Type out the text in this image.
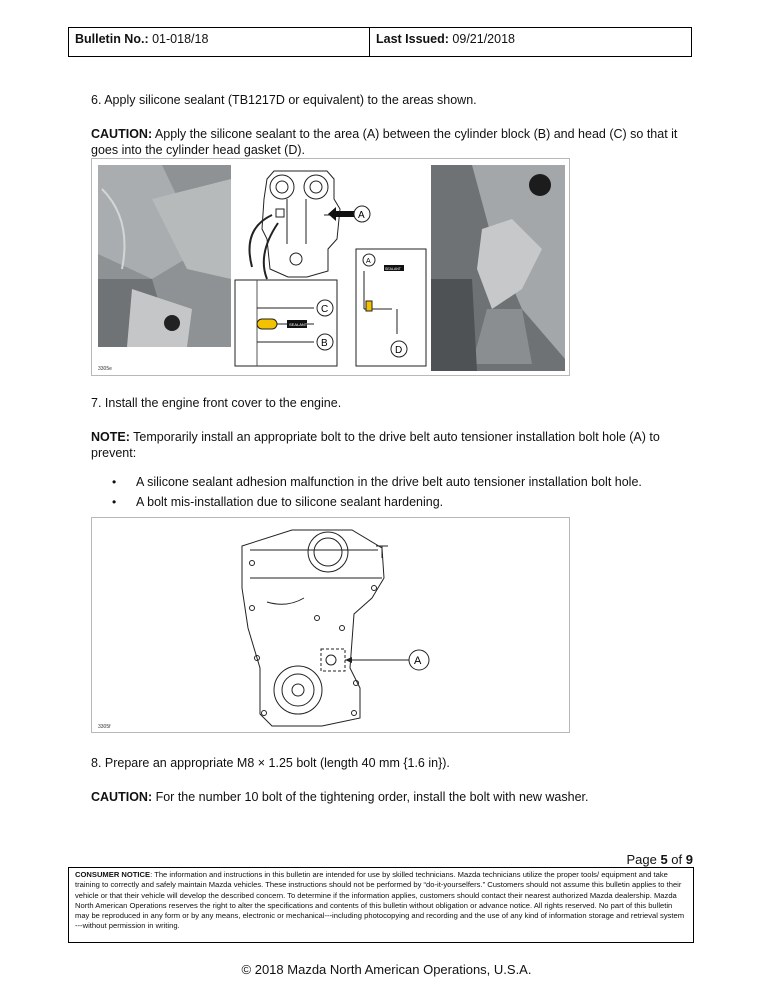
Bulletin No.: 01-018/18	Last Issued: 09/21/2018
6. Apply silicone sealant (TB1217D or equivalent) to the areas shown.
CAUTION: Apply the silicone sealant to the area (A) between the cylinder block (B) and head (C) so that it goes into the cylinder head gasket (D).
3305e
A
SEALANT
C
B
A
SEALANT
D
7. Install the engine front cover to the engine.
NOTE: Temporarily install an appropriate bolt to the drive belt auto tensioner installation bolt hole (A) to prevent:
• A silicone sealant adhesion malfunction in the drive belt auto tensioner installation bolt hole.
• A bolt mis-installation due to silicone sealant hardening.
A
3305f
8. Prepare an appropriate M8 × 1.25 bolt (length 40 mm {1.6 in}).
CAUTION: For the number 10 bolt of the tightening order, install the bolt with new washer.
Page 5 of 9
CONSUMER NOTICE: The information and instructions in this bulletin are intended for use by skilled technicians. Mazda technicians utilize the proper tools/ equipment and take training to correctly and safely maintain Mazda vehicles. These instructions should not be performed by “do-it-yourselfers.” Customers should not assume this bulletin applies to their vehicle or that their vehicle will develop the described concern. To determine if the information applies, customers should contact their nearest authorized Mazda dealership. Mazda North American Operations reserves the right to alter the specifications and contents of this bulletin without obligation or advance notice. All rights reserved. No part of this bulletin may be reproduced in any form or by any means, electronic or mechanical---including photocopying and recording and the use of any kind of information storage and retrieval system ---without permission in writing.
© 2018 Mazda North American Operations, U.S.A.
